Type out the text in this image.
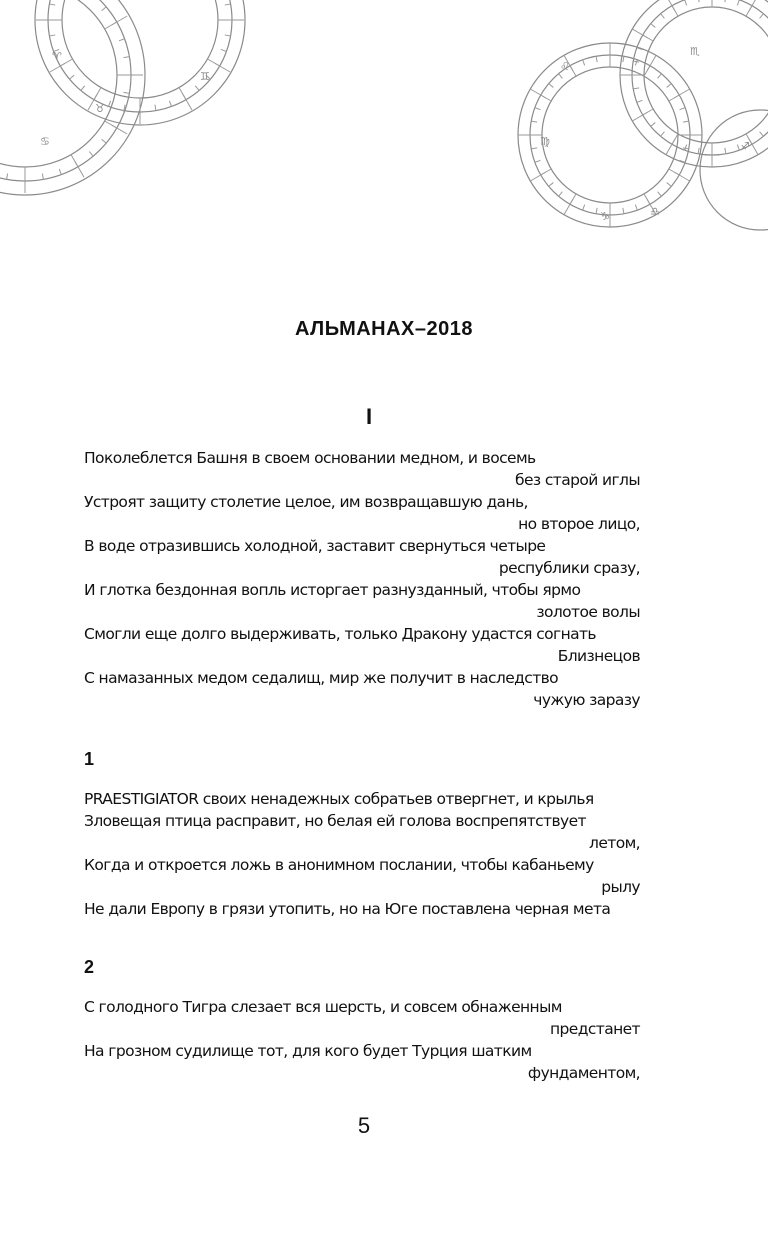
♈
♉
♊
♋
♌
♍
♎
♏
♐
♑
АЛЬМАНАХ–2018
I
Поколеблется Башня в своем основании медном, и восемь
без старой иглы
Устроят защиту столетие целое, им возвращавшую дань,
но второе лицо,
В воде отразившись холодной, заставит свернуться четыре
республики сразу,
И глотка бездонная вопль исторгает разнузданный, чтобы ярмо
золотое волы
Смогли еще долго выдерживать, только Дракону удастся согнать
Близнецов
С намазанных медом седалищ, мир же получит в наследство
чужую заразу
1
PRAESTIGIATOR своих ненадежных собратьев отвергнет, и крылья
Зловещая птица расправит, но белая ей голова воспрепятствует
летом,
Когда и откроется ложь в анонимном послании, чтобы кабаньему
рылу
Не дали Европу в грязи утопить, но на Юге поставлена черная мета
2
С голодного Тигра слезает вся шерсть, и совсем обнаженным
предстанет
На грозном судилище тот, для кого будет Турция шатким
фундаментом,
5
